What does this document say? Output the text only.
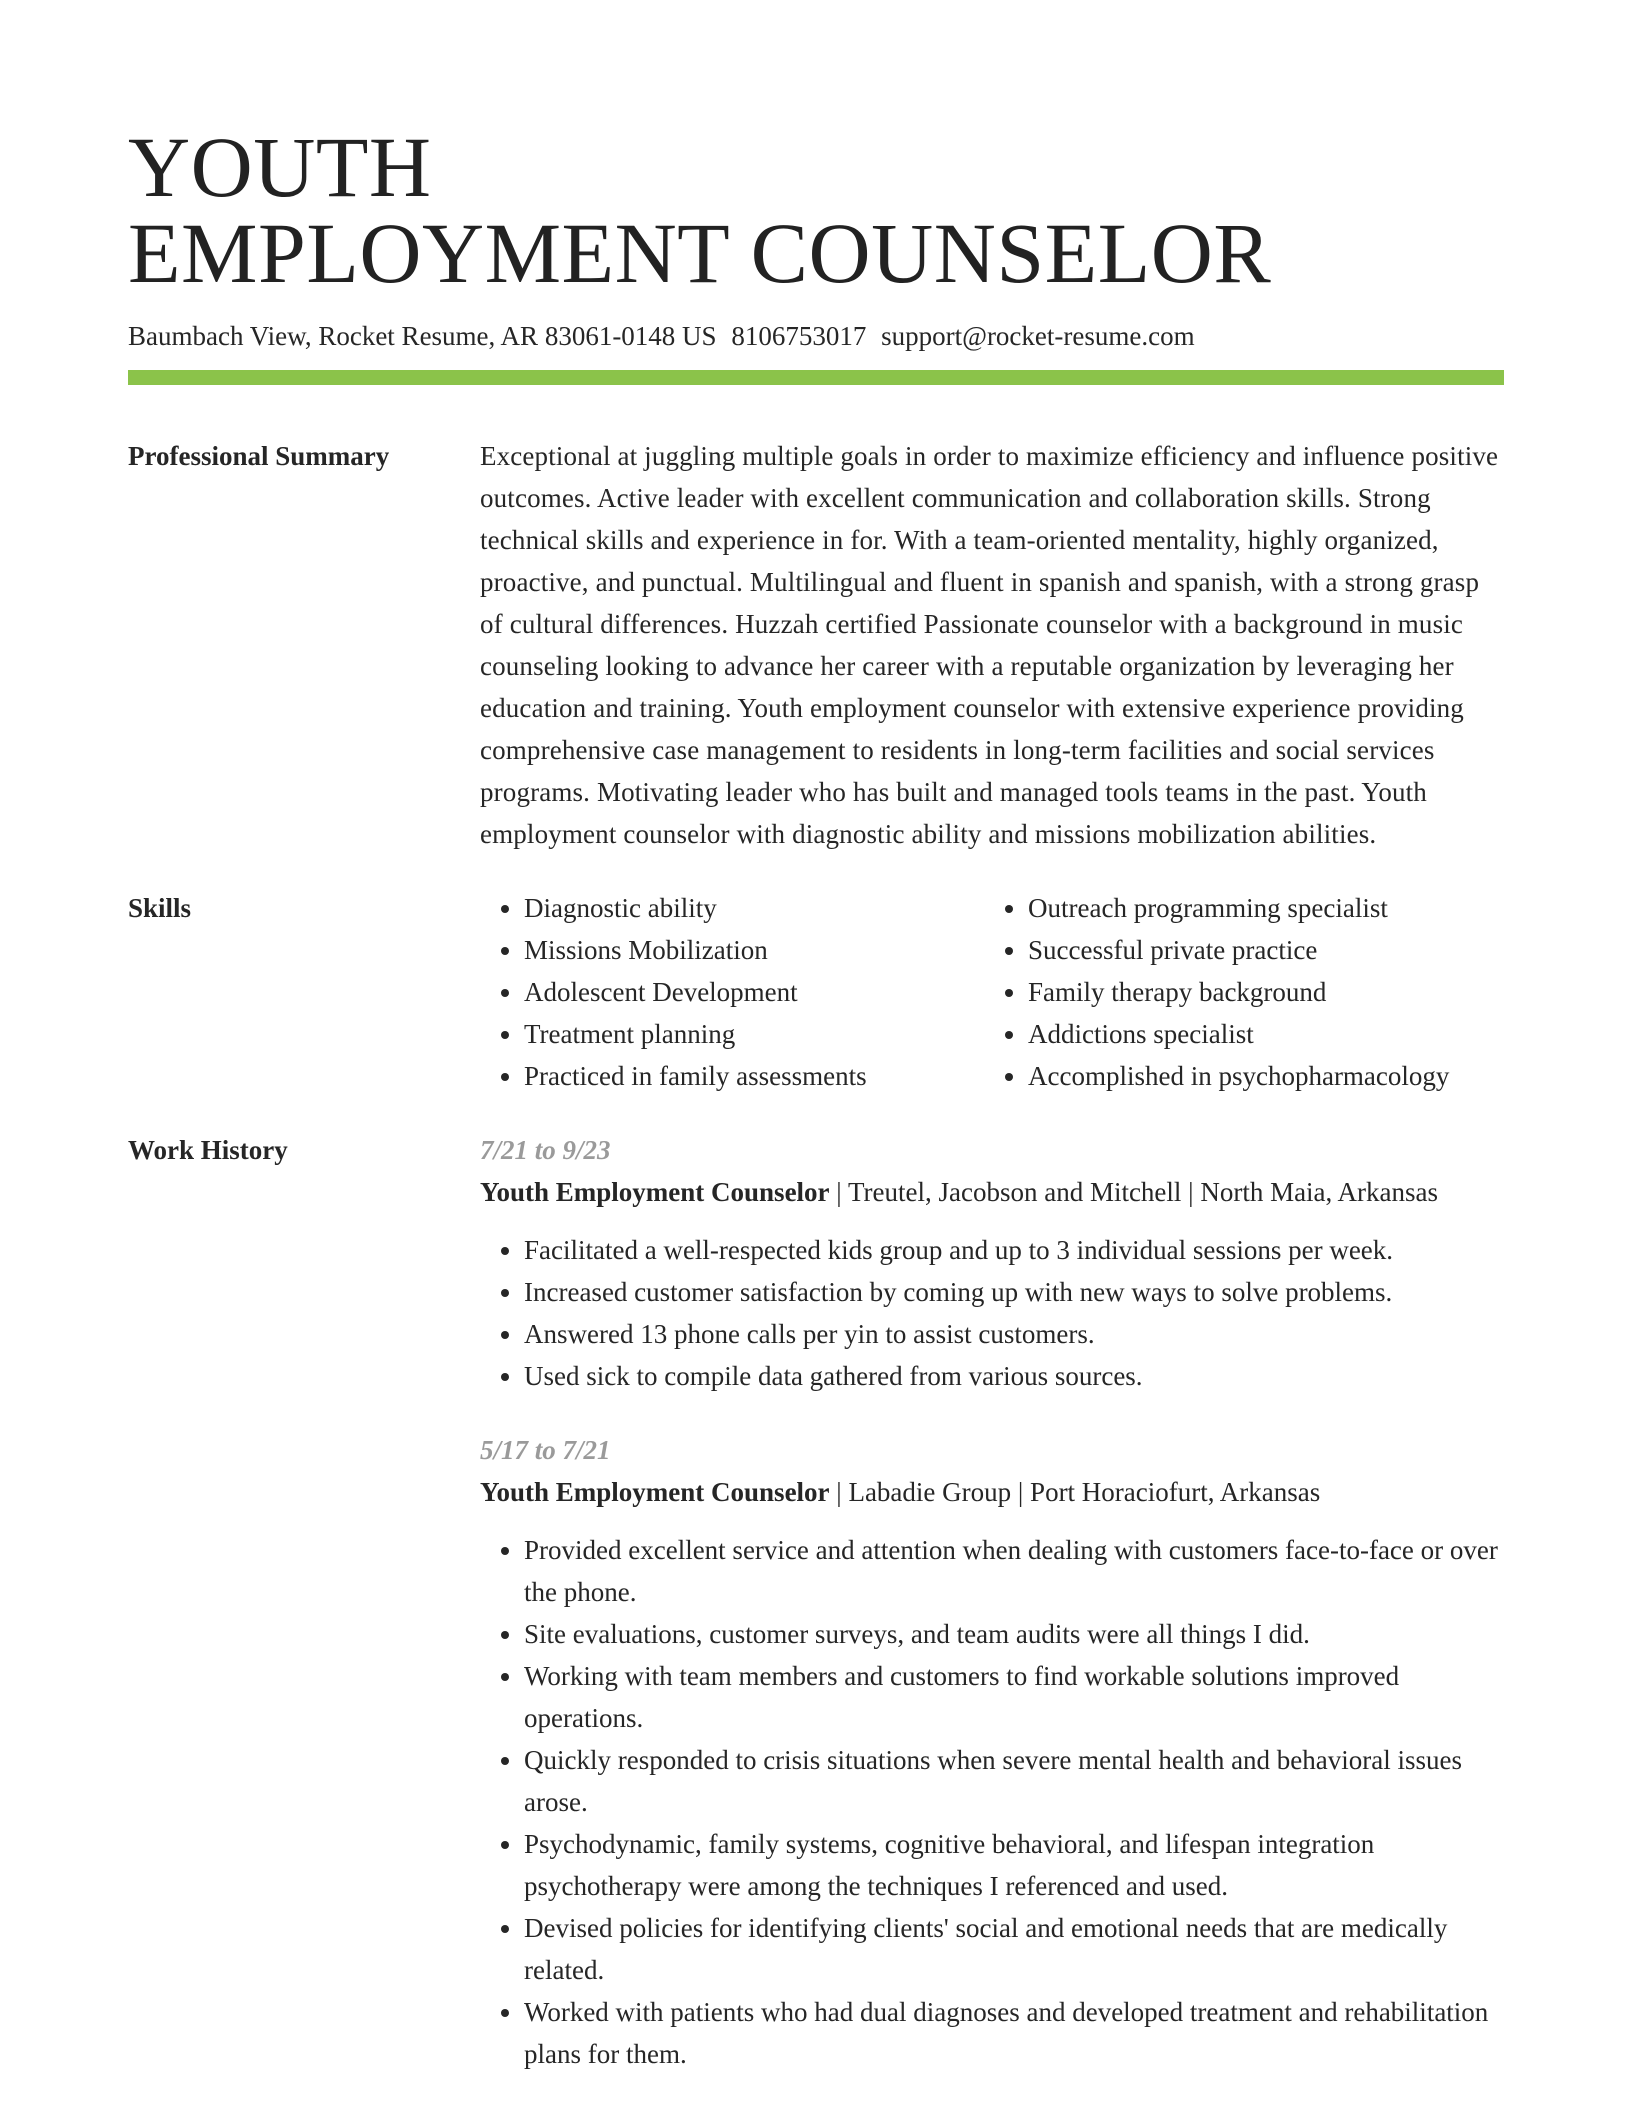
YOUTH
EMPLOYMENT COUNSELOR
Baumbach View, Rocket Resume, AR 83061-0148 US 8106753017 support@rocket-resume.com
Professional Summary	Exceptional at juggling multiple goals in order to maximize efficiency and influence positive outcomes. Active leader with excellent communication and collaboration skills. Strong technical skills and experience in for. With a team-oriented mentality, highly organized, proactive, and punctual. Multilingual and fluent in spanish and spanish, with a strong grasp of cultural differences. Huzzah certified Passionate counselor with a background in music counseling looking to advance her career with a reputable organization by leveraging her education and training. Youth employment counselor with extensive experience providing comprehensive case management to residents in long-term facilities and social services programs. Motivating leader who has built and managed tools teams in the past. Youth employment counselor with diagnostic ability and missions mobilization abilities.

Skills
•	Diagnostic ability
• Missions Mobilization
• Adolescent Development
• Treatment planning
• Practiced in family assessments
• Outreach programming specialist
• Successful private practice
• Family therapy background
• Addictions specialist
• Accomplished in psychopharmacology
Work History	7/21 to 9/23
Youth Employment Counselor | Treutel, Jacobson and Mitchell | North Maia, Arkansas
• Facilitated a well-respected kids group and up to 3 individual sessions per week.
• Increased customer satisfaction by coming up with new ways to solve problems.
• Answered 13 phone calls per yin to assist customers.
• Used sick to compile data gathered from various sources.
5/17 to 7/21
Youth Employment Counselor | Labadie Group | Port Horaciofurt, Arkansas
• Provided excellent service and attention when dealing with customers face-to-face or over the phone.
• Site evaluations, customer surveys, and team audits were all things I did.
• Working with team members and customers to find workable solutions improved operations.
• Quickly responded to crisis situations when severe mental health and behavioral issues arose.
• Psychodynamic, family systems, cognitive behavioral, and lifespan integration psychotherapy were among the techniques I referenced and used.
• Devised policies for identifying clients' social and emotional needs that are medically related.
• Worked with patients who had dual diagnoses and developed treatment and rehabilitation plans for them.
